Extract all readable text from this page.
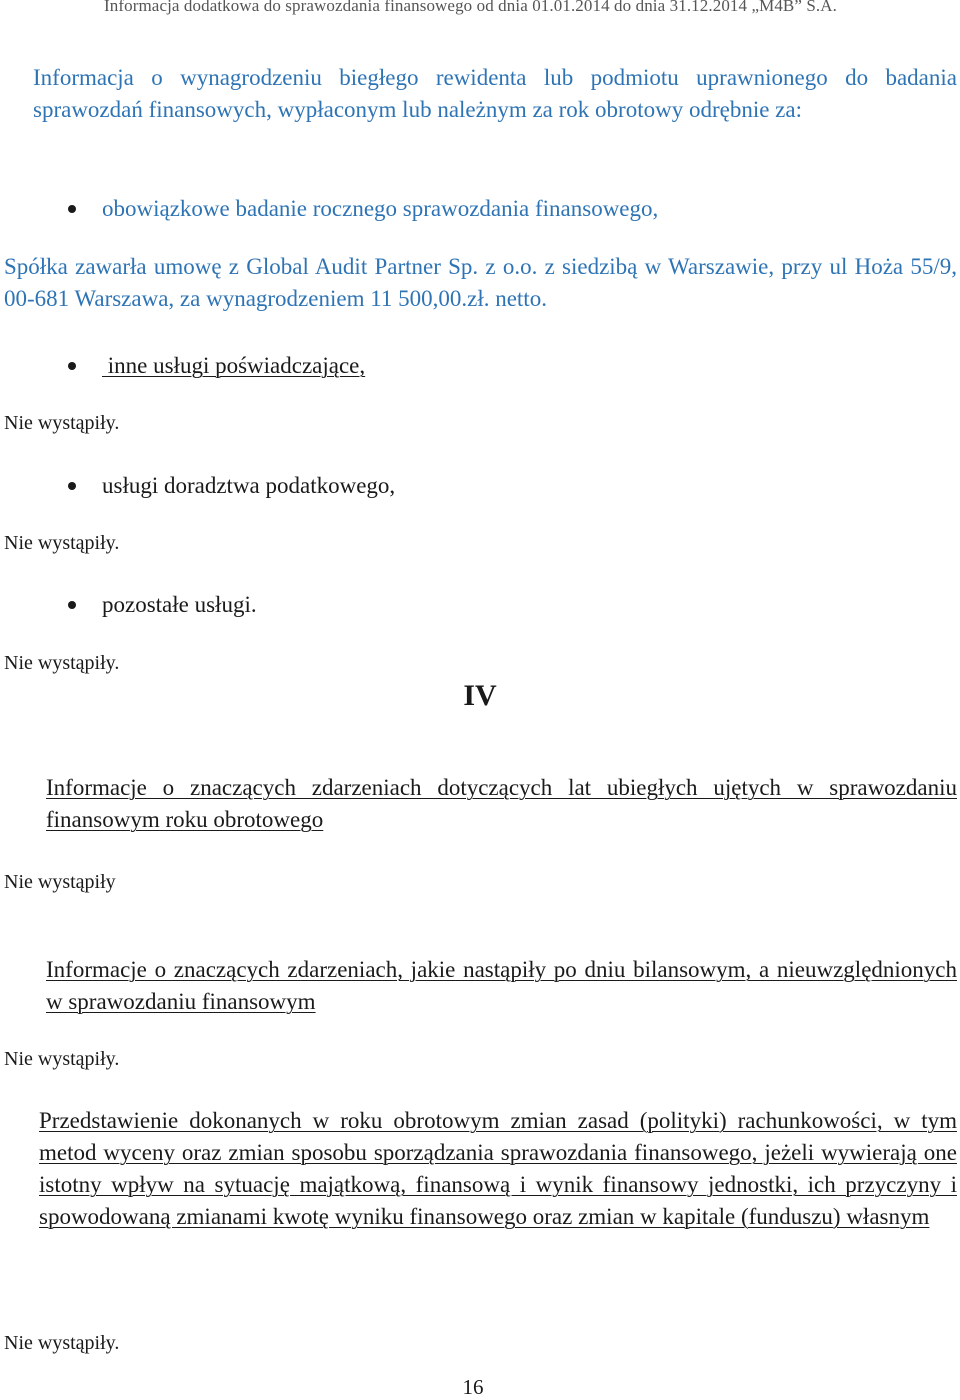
Informacja dodatkowa do sprawozdania finansowego od dnia 01.01.2014 do dnia 31.12.2014 „M4B” S.A.
Informacja o wynagrodzeniu biegłego rewidenta lub podmiotu uprawnionego do badania sprawozdań finansowych, wypłaconym lub należnym za rok obrotowy odrębnie za:
obowiązkowe badanie rocznego sprawozdania finansowego,
Spółka zawarła umowę z Global Audit Partner Sp. z o.o. z siedzibą w Warszawie, przy ul Hoża 55/9, 00-681 Warszawa, za wynagrodzeniem 11 500,00.zł. netto.
inne usługi poświadczające,
Nie wystąpiły.
usługi doradztwa podatkowego,
Nie wystąpiły.
pozostałe usługi.
Nie wystąpiły.
IV
Informacje o znaczących zdarzeniach dotyczących lat ubiegłych ujętych w sprawozdaniu finansowym roku obrotowego
Nie wystąpiły
Informacje o znaczących zdarzeniach, jakie nastąpiły po dniu bilansowym, a nieuwzględnionych w sprawozdaniu finansowym
Nie wystąpiły.
Przedstawienie dokonanych w roku obrotowym zmian zasad (polityki) rachunkowości, w tym metod wyceny oraz zmian sposobu sporządzania sprawozdania finansowego, jeżeli wywierają one istotny wpływ na sytuację majątkową, finansową i wynik finansowy jednostki, ich przyczyny i spowodowaną zmianami kwotę wyniku finansowego oraz zmian w kapitale (funduszu) własnym
Nie wystąpiły.
16
